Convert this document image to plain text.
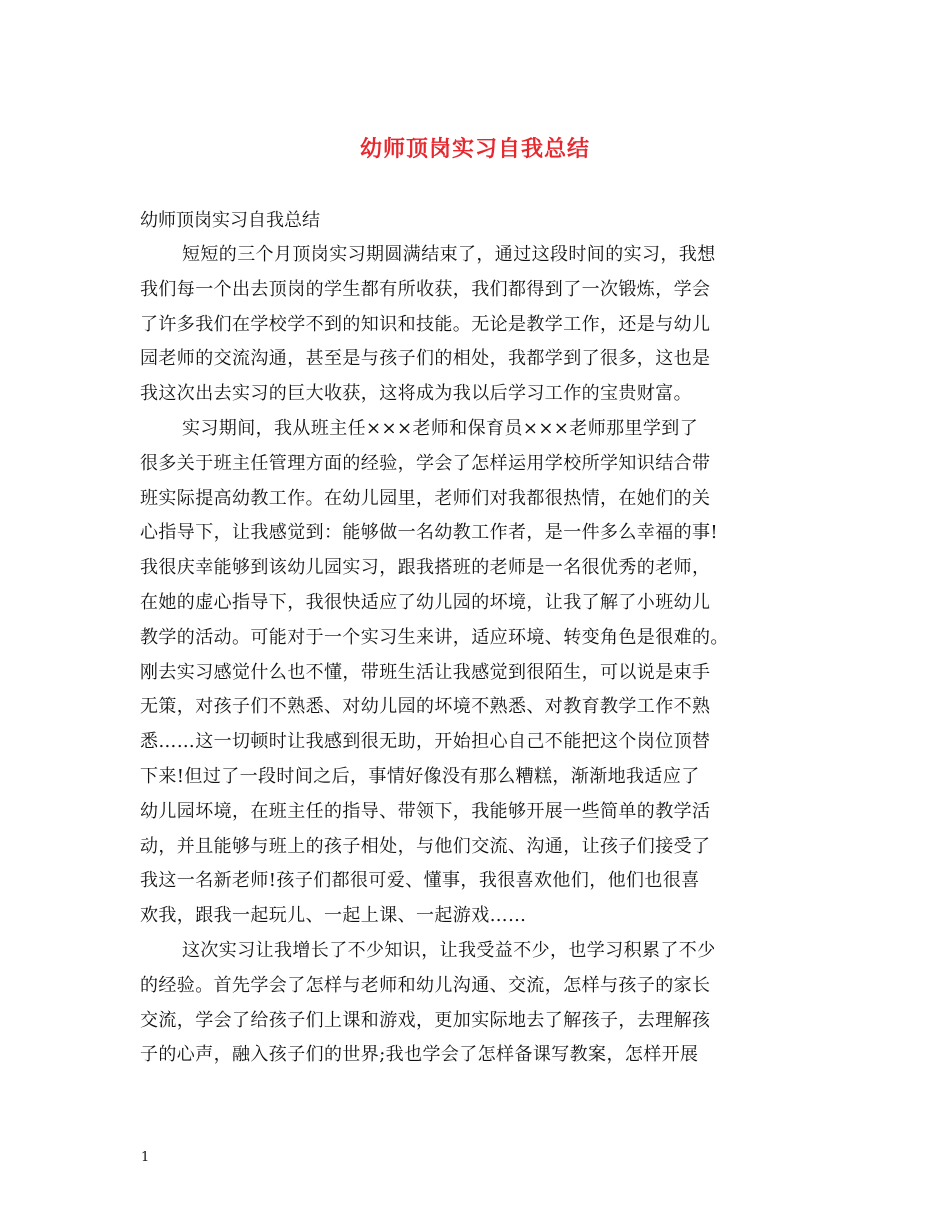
幼师顶岗实习自我总结

幼师顶岗实习自我总结

短短的三个月顶岗实习期圆满结束了，通过这段时间的实习，我想
我们每一个出去顶岗的学生都有所收获，我们都得到了一次锻炼，学会
了许多我们在学校学不到的知识和技能。无论是教学工作，还是与幼儿
园老师的交流沟通，甚至是与孩子们的相处，我都学到了很多，这也是
我这次出去实习的巨大收获，这将成为我以后学习工作的宝贵财富。
实习期间，我从班主任×××老师和保育员×××老师那里学到了
很多关于班主任管理方面的经验，学会了怎样运用学校所学知识结合带
班实际提高幼教工作。在幼儿园里，老师们对我都很热情，在她们的关
心指导下，让我感觉到：能够做一名幼教工作者，是一件多么幸福的事!
我很庆幸能够到该幼儿园实习，跟我搭班的老师是一名很优秀的老师，
在她的虚心指导下，我很快适应了幼儿园的坏境，让我了解了小班幼儿
教学的活动。可能对于一个实习生来讲，适应环境、转变角色是很难的。
刚去实习感觉什么也不懂，带班生活让我感觉到很陌生，可以说是束手
无策，对孩子们不熟悉、对幼儿园的坏境不熟悉、对教育教学工作不熟
悉……这一切顿时让我感到很无助，开始担心自己不能把这个岗位顶替
下来!但过了一段时间之后，事情好像没有那么糟糕，渐渐地我适应了
幼儿园坏境，在班主任的指导、带领下，我能够开展一些简单的教学活
动，并且能够与班上的孩子相处，与他们交流、沟通，让孩子们接受了
我这一名新老师!孩子们都很可爱、懂事，我很喜欢他们，他们也很喜
欢我，跟我一起玩儿、一起上课、一起游戏……
这次实习让我增长了不少知识，让我受益不少，也学习积累了不少
的经验。首先学会了怎样与老师和幼儿沟通、交流，怎样与孩子的家长
交流，学会了给孩子们上课和游戏，更加实际地去了解孩子，去理解孩
子的心声，融入孩子们的世界;我也学会了怎样备课写教案，怎样开展
1
